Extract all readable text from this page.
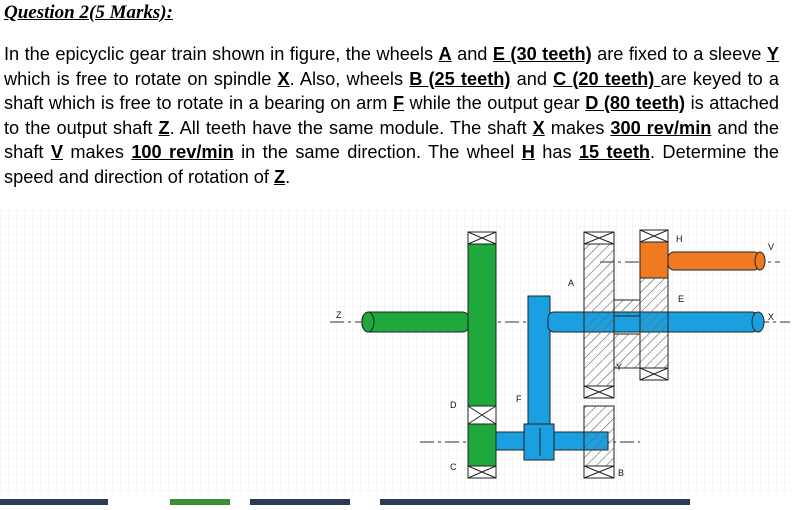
Question 2(5 Marks):

In the epicyclic gear train shown in figure, the wheels A and E (30 teeth) are fixed to a sleeve Y which is free to rotate on spindle X. Also, wheels B (25 teeth) and C (20 teeth) are keyed to a shaft which is free to rotate in a bearing on arm F while the output gear D (80 teeth) is attached to the output shaft Z. All teeth have the same module. The shaft X makes 300 rev/min and the shaft V makes 100 rev/min in the same direction. The wheel H has 15 teeth. Determine the speed and direction of rotation of Z.

Z	X
V
H
E
A
Y
D
F
C
B
